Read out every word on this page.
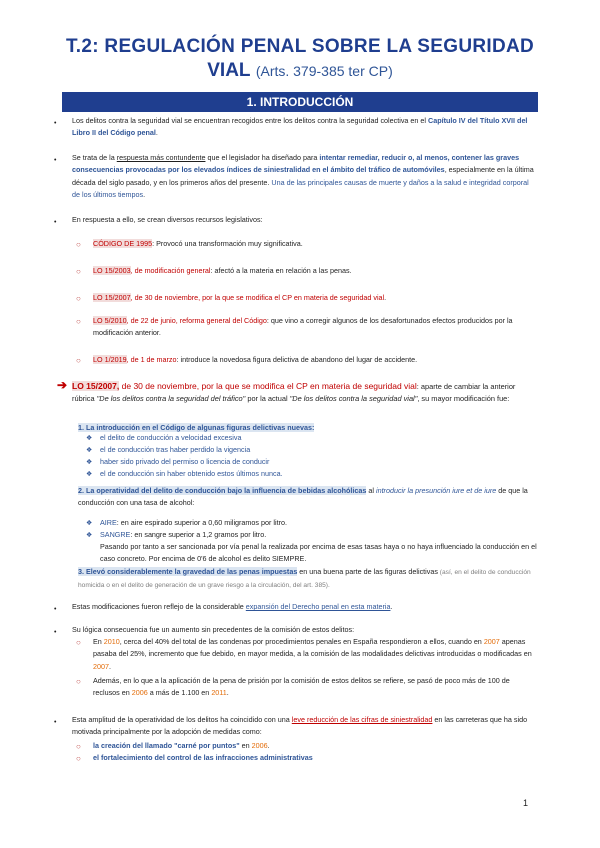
T.2: REGULACIÓN PENAL SOBRE LA SEGURIDAD
VIAL (Arts. 379-385 ter CP)
1. INTRODUCCIÓN
• Los delitos contra la seguridad vial se encuentran recogidos entre los delitos contra la seguridad colectiva en el Capítulo IV del Título XVII del Libro II del Código penal.
• Se trata de la respuesta más contundente que el legislador ha diseñado para intentar remediar, reducir o, al menos, contener las graves consecuencias provocadas por los elevados índices de siniestralidad en el ámbito del tráfico de automóviles, especialmente en la última década del siglo pasado, y en los primeros años del presente. Una de las principales causas de muerte y daños a la salud e integridad corporal de los últimos tiempos.
• En respuesta a ello, se crean diversos recursos legislativos:
○ CÓDIGO DE 1995: Provocó una transformación muy significativa.
○ LO 15/2003, de modificación general: afectó a la materia en relación a las penas.
○ LO 15/2007, de 30 de noviembre, por la que se modifica el CP en materia de seguridad vial.
○ LO 5/2010, de 22 de junio, reforma general del Código: que vino a corregir algunos de los desafortunados efectos producidos por la modificación anterior.
○ LO 1/2019, de 1 de marzo: introduce la novedosa figura delictiva de abandono del lugar de accidente.
➔ LO 15/2007, de 30 de noviembre, por la que se modifica el CP en materia de seguridad vial: aparte de cambiar la anterior rúbrica "De los delitos contra la seguridad del tráfico" por la actual "De los delitos contra la seguridad vial", su mayor modificación fue:
1. La introducción en el Código de algunas figuras delictivas nuevas:
❖ el delito de conducción a velocidad excesiva
❖ el de conducción tras haber perdido la vigencia
❖ haber sido privado del permiso o licencia de conducir
❖ el de conducción sin haber obtenido estos últimos nunca.
2. La operatividad del delito de conducción bajo la influencia de bebidas alcohólicas al introducir la presunción iure et de iure de que la conducción con una tasa de alcohol:
❖ AIRE: en aire espirado superior a 0,60 miligramos por litro.
❖ SANGRE: en sangre superior a 1,2 gramos por litro.
Pasando por tanto a ser sancionada por vía penal la realizada por encima de esas tasas haya o no haya influenciado la conducción en el caso concreto. Por encima de 0'6 de alcohol es delito SIEMPRE.
3. Elevó considerablemente la gravedad de las penas impuestas en una buena parte de las figuras delictivas (así, en el delito de conducción homicida o en el delito de generación de un grave riesgo a la circulación, del art. 385).
• Estas modificaciones fueron reflejo de la considerable expansión del Derecho penal en esta materia.
• Su lógica consecuencia fue un aumento sin precedentes de la comisión de estos delitos:
○ En 2010, cerca del 40% del total de las condenas por procedimientos penales en España respondieron a ellos, cuando en 2007 apenas pasaba del 25%, incremento que fue debido, en mayor medida, a la comisión de las modalidades delictivas introducidas o modificadas en 2007.
○ Además, en lo que a la aplicación de la pena de prisión por la comisión de estos delitos se refiere, se pasó de poco más de 100 de reclusos en 2006 a más de 1.100 en 2011.
• Esta amplitud de la operatividad de los delitos ha coincidido con una leve reducción de las cifras de siniestralidad en las carreteras que ha sido motivada principalmente por la adopción de medidas como:
○ la creación del llamado "carné por puntos" en 2006.
○ el fortalecimiento del control de las infracciones administrativas
1
